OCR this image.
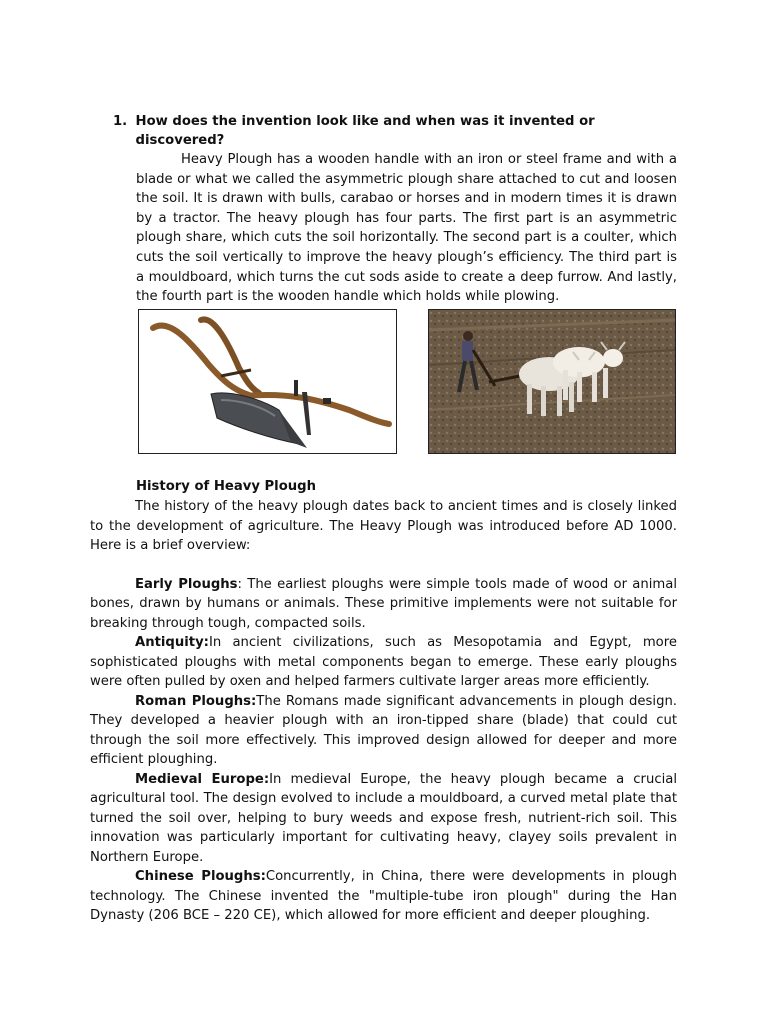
1. How does the invention look like and when was it invented or discovered?
Heavy Plough has a wooden handle with an iron or steel frame and with a blade or what we called the asymmetric plough share attached to cut and loosen the soil. It is drawn with bulls, carabao or horses and in modern times it is drawn by a tractor. The heavy plough has four parts. The first part is an asymmetric plough share, which cuts the soil horizontally. The second part is a coulter, which cuts the soil vertically to improve the heavy plough’s efficiency. The third part is a mouldboard, which turns the cut sods aside to create a deep furrow. And lastly, the fourth part is the wooden handle which holds while plowing.
History of Heavy Plough

The history of the heavy plough dates back to ancient times and is closely linked to the development of agriculture. The Heavy Plough was introduced before AD 1000. Here is a brief overview:

Early Ploughs: The earliest ploughs were simple tools made of wood or animal bones, drawn by humans or animals. These primitive implements were not suitable for breaking through tough, compacted soils.

Antiquity:In ancient civilizations, such as Mesopotamia and Egypt, more sophisticated ploughs with metal components began to emerge. These early ploughs were often pulled by oxen and helped farmers cultivate larger areas more efficiently.

Roman Ploughs:The Romans made significant advancements in plough design. They developed a heavier plough with an iron-tipped share (blade) that could cut through the soil more effectively. This improved design allowed for deeper and more efficient ploughing.

Medieval Europe:In medieval Europe, the heavy plough became a crucial agricultural tool. The design evolved to include a mouldboard, a curved metal plate that turned the soil over, helping to bury weeds and expose fresh, nutrient-rich soil. This innovation was particularly important for cultivating heavy, clayey soils prevalent in Northern Europe.

Chinese Ploughs:Concurrently, in China, there were developments in plough technology. The Chinese invented the "multiple-tube iron plough" during the Han Dynasty (206 BCE – 220 CE), which allowed for more efficient and deeper ploughing.
